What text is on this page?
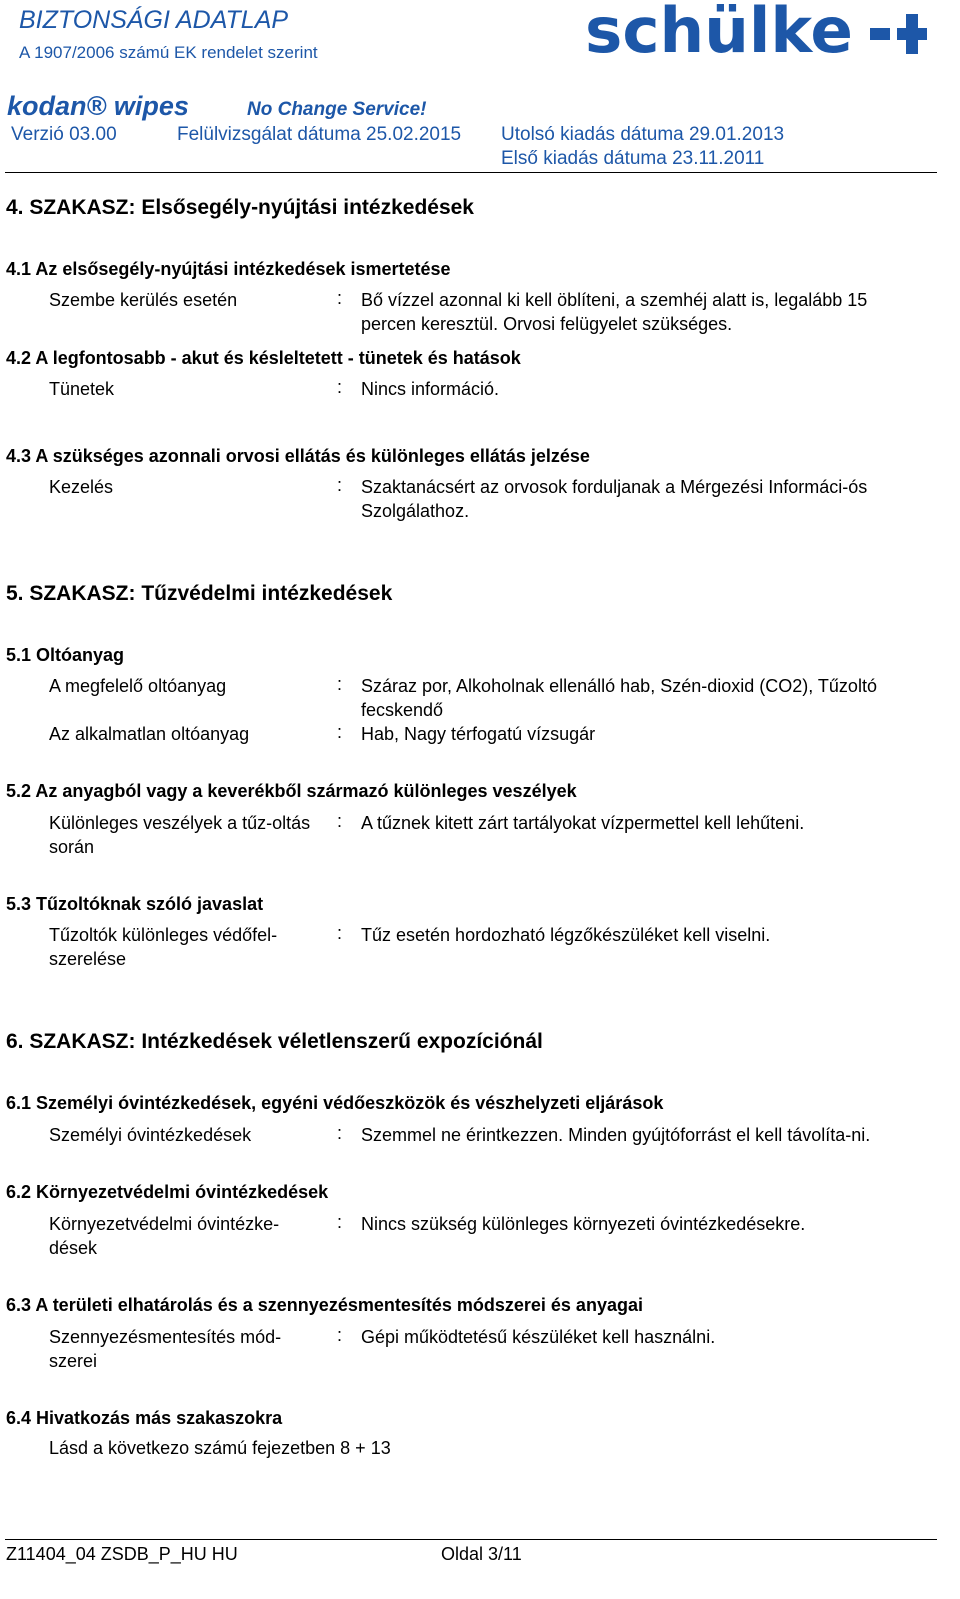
BIZTONSÁGI ADATLAP
A 1907/2006 számú EK rendelet szerint	schülke
kodan® wipes	No Change Service!
Verzió 03.00	Felülvizsgálat dátuma 25.02.2015 Utolsó kiadás dátuma 29.01.2013
Első kiadás dátuma 23.11.2011
4. SZAKASZ: Elsősegély-nyújtási intézkedések
4.1 Az elsősegély-nyújtási intézkedések ismertetése
Szembe kerülés esetén	: Bő vízzel azonnal ki kell öblíteni, a szemhéj alatt is, legalább 15 percen keresztül. Orvosi felügyelet szükséges.
4.2 A legfontosabb - akut és késleltetett - tünetek és hatások
Tünetek	: Nincs információ.
4.3 A szükséges azonnali orvosi ellátás és különleges ellátás jelzése
Kezelés	: Szaktanácsért az orvosok forduljanak a Mérgezési Informáci-ós Szolgálathoz.
5. SZAKASZ: Tűzvédelmi intézkedések
5.1 Oltóanyag
A megfelelő oltóanyag	: Száraz por, Alkoholnak ellenálló hab, Szén-dioxid (CO2), Tűzoltó fecskendő
Az alkalmatlan oltóanyag	: Hab, Nagy térfogatú vízsugár
5.2 Az anyagból vagy a keverékből származó különleges veszélyek
Különleges veszélyek a tűz-oltás során
: A tűznek kitett zárt tartályokat vízpermettel kell lehűteni.
5.3 Tűzoltóknak szóló javaslat
Tűzoltók különleges védőfel-szerelése
: Tűz esetén hordozható légzőkészüléket kell viselni.
6. SZAKASZ: Intézkedések véletlenszerű expozíciónál
6.1 Személyi óvintézkedések, egyéni védőeszközök és vészhelyzeti eljárások
Személyi óvintézkedések	: Szemmel ne érintkezzen. Minden gyújtóforrást el kell távolíta-ni.
6.2 Környezetvédelmi óvintézkedések
Környezetvédelmi óvintézke-dések
: Nincs szükség különleges környezeti óvintézkedésekre.
6.3 A területi elhatárolás és a szennyezésmentesítés módszerei és anyagai
Szennyezésmentesítés mód-szerei
: Gépi működtetésű készüléket kell használni.
6.4 Hivatkozás más szakaszokra
Lásd a következo számú fejezetben 8 + 13
Z11404_04 ZSDB_P_HU HU	Oldal 3/11
